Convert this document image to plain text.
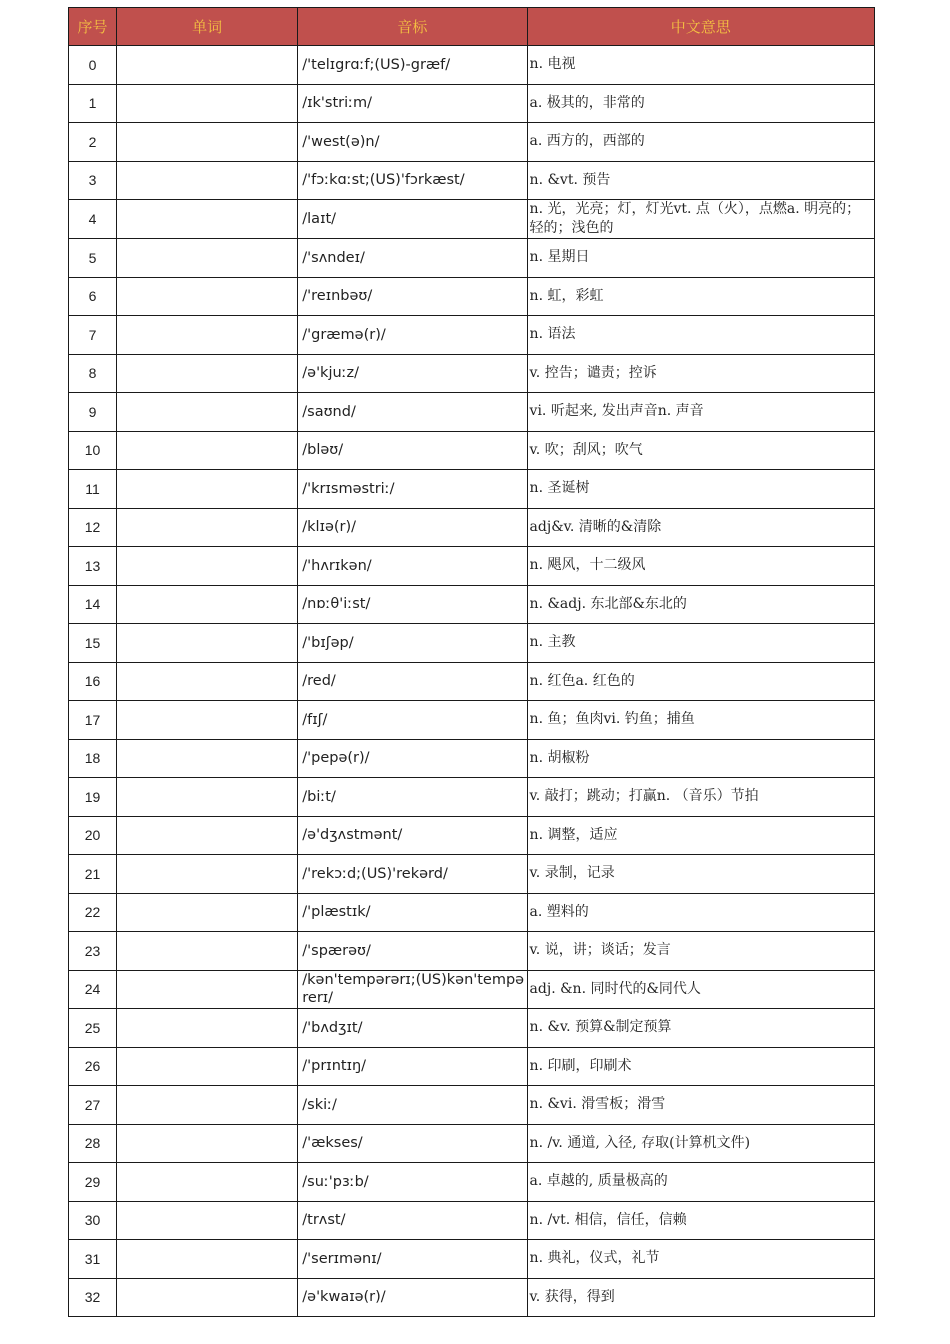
序号	单词	音标	中文意思
0		/'telɪgrɑːf;(US)-græf/	n. 电视
1		/ɪk'striːm/	a. 极其的，非常的
2		/'west(ə)n/	a. 西方的，西部的
3		/'fɔːkɑːst;(US)'fɔrkæst/	n. &vt. 预告
4		/laɪt/	n. 光，光亮；灯，灯光vt. 点（火），点燃a. 明亮的；轻的；浅色的
5		/'sʌndeɪ/	n. 星期日
6		/'reɪnbəʊ/	n. 虹，彩虹
7		/'græmə(r)/	n. 语法
8		/ə'kjuːz/	v. 控告；谴责；控诉
9		/saʊnd/	vi. 听起来, 发出声音n. 声音
10		/bləʊ/	v. 吹；刮风；吹气
11		/'krɪsməstriː/	n. 圣诞树
12		/klɪə(r)/	adj&v. 清晰的&清除
13		/'hʌrɪkən/	n. 飓风，十二级风
14		/nɒːθ'iːst/	n. &adj. 东北部&东北的
15		/'bɪʃəp/	n. 主教
16		/red/	n. 红色a. 红色的
17		/fɪʃ/	n. 鱼；鱼肉vi. 钓鱼；捕鱼
18		/'pepə(r)/	n. 胡椒粉
19		/biːt/	v. 敲打；跳动；打赢n. （音乐）节拍
20		/ə'dʒʌstmənt/	n. 调整，适应
21		/'rekɔːd;(US)'rekərd/	v. 录制，记录
22		/'plæstɪk/	a. 塑料的
23		/'spærəʊ/	v. 说，讲；谈话；发言
24		/kən'tempərərɪ;(US)kən'tempərerɪ/	adj. &n. 同时代的&同代人
25		/'bʌdʒɪt/	n. &v. 预算&制定预算
26		/'prɪntɪŋ/	n. 印刷，印刷术
27		/skiː/	n. &vi. 滑雪板；滑雪
28		/'ækses/	n. /v. 通道, 入径, 存取(计算机文件)
29		/suː'pɜːb/	a. 卓越的, 质量极高的
30		/trʌst/	n. /vt. 相信，信任，信赖
31		/'serɪmənɪ/	n. 典礼，仪式，礼节
32		/ə'kwaɪə(r)/	v. 获得，得到
